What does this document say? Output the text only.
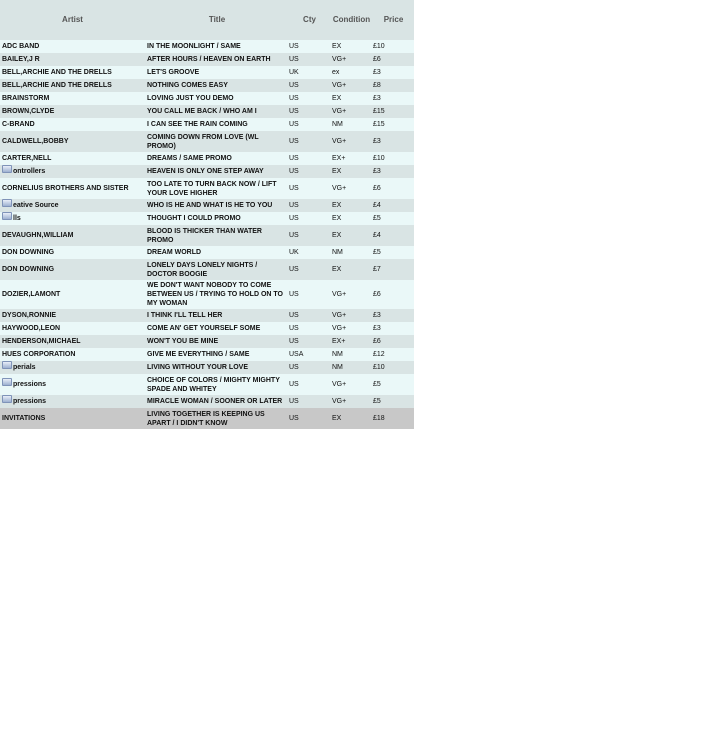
Artist	Title	Cty	Condition	Price

ADC BAND	IN THE MOONLIGHT / SAME	US	EX	£10
BAILEY,J R	AFTER HOURS / HEAVEN ON EARTH	US	VG+	£6
BELL,ARCHIE AND THE DRELLS	LET'S GROOVE	UK	ex	£3
BELL,ARCHIE AND THE DRELLS	NOTHING COMES EASY	US	VG+	£8
BRAINSTORM	LOVING JUST YOU DEMO	US	EX	£3
BROWN,CLYDE	YOU CALL ME BACK / WHO AM I	US	VG+	£15
C-BRAND	I CAN SEE THE RAIN COMING	US	NM	£15
CALDWELL,BOBBY	COMING DOWN FROM LOVE (WL PROMO)	US	VG+	£3
CARTER,NELL	DREAMS / SAME PROMO	US	EX+	£10
ontrollers	HEAVEN IS ONLY ONE STEP AWAY	US	EX	£3
CORNELIUS BROTHERS AND SISTER	TOO LATE TO TURN BACK NOW / LIFT YOUR LOVE HIGHER	US	VG+	£6
eative Source	WHO IS HE AND WHAT IS HE TO YOU	US	EX	£4
lls	THOUGHT I COULD PROMO	US	EX	£5
DEVAUGHN,WILLIAM	BLOOD IS THICKER THAN WATER PROMO	US	EX	£4
DON DOWNING	DREAM WORLD	UK	NM	£5
DON DOWNING	LONELY DAYS LONELY NIGHTS / DOCTOR BOOGIE	US	EX	£7
DOZIER,LAMONT	WE DON'T WANT NOBODY TO COME BETWEEN US / TRYING TO HOLD ON TO MY WOMAN	US	VG+	£6
DYSON,RONNIE	I THINK I'LL TELL HER	US	VG+	£3
HAYWOOD,LEON	COME AN' GET YOURSELF SOME	US	VG+	£3
HENDERSON,MICHAEL	WON'T YOU BE MINE	US	EX+	£6
HUES CORPORATION	GIVE ME EVERYTHING / SAME	USA	NM	£12
perials	LIVING WITHOUT YOUR LOVE	US	NM	£10
pressions	CHOICE OF COLORS / MIGHTY MIGHTY SPADE AND WHITEY	US	VG+	£5
pressions	MIRACLE WOMAN / SOONER OR LATER	US	VG+	£5
INVITATIONS	LIVING TOGETHER IS KEEPING US APART / I DIDN'T KNOW	US	EX	£18
